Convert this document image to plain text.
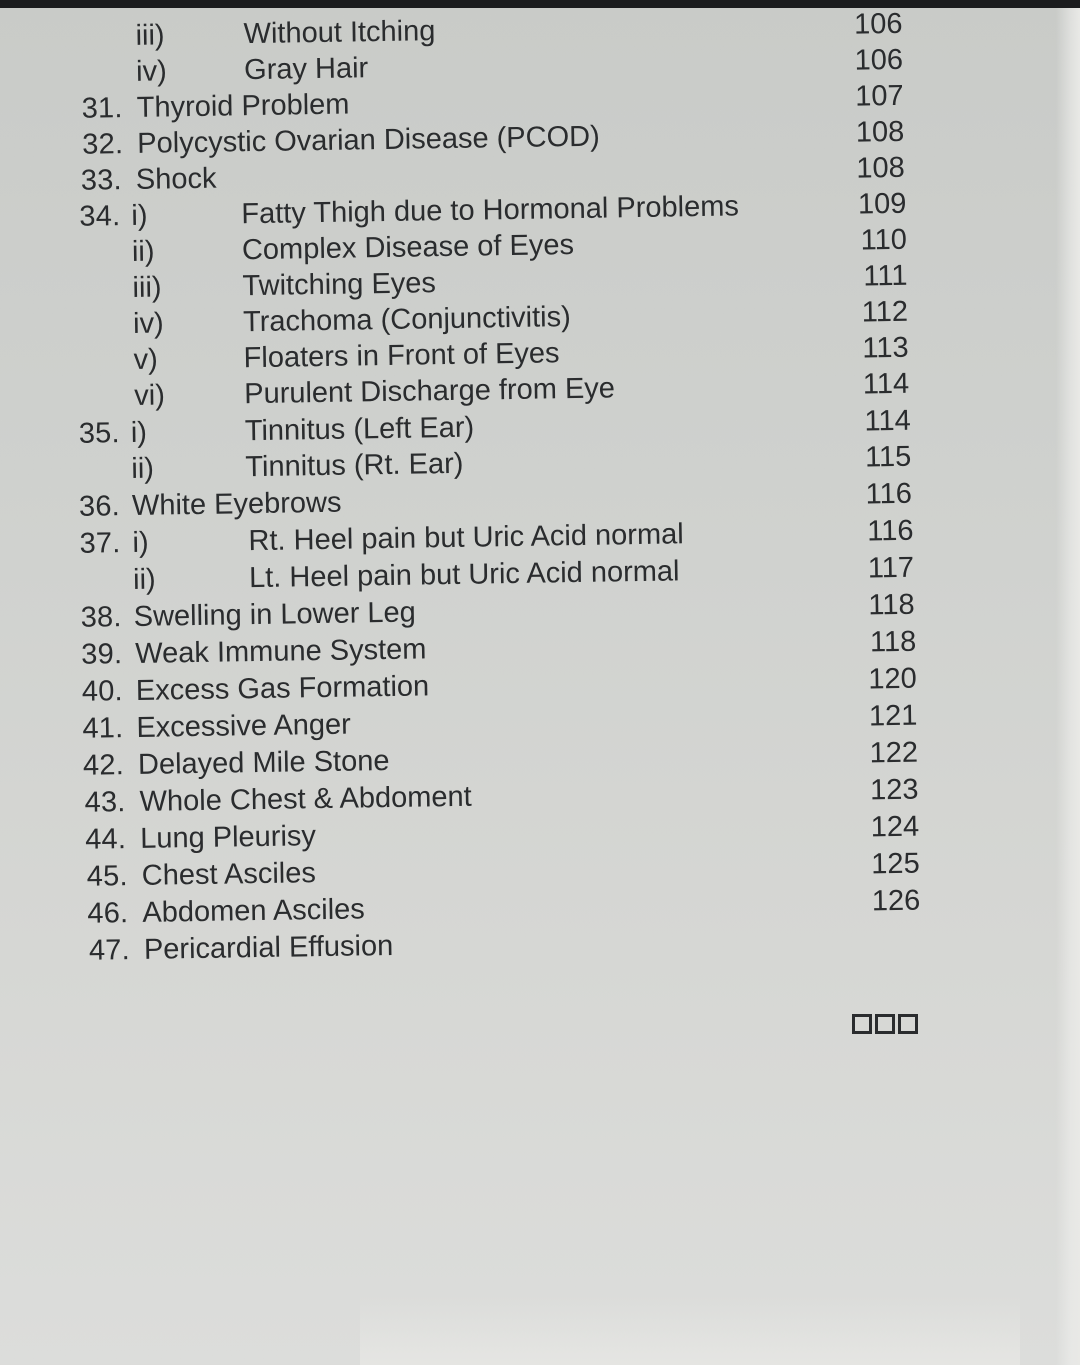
iii)	Without Itching	106
iv)	Gray Hair	106
31. Thyroid Problem	107
32. Polycystic Ovarian Disease (PCOD)	108
33. Shock	108
34. i)	Fatty Thigh due to Hormonal Problems	109
ii)	Complex Disease of Eyes	110
iii)	Twitching Eyes	111
iv)	Trachoma (Conjunctivitis)	112
v)	Floaters in Front of Eyes	113
vi)	Purulent Discharge from Eye	114
35. i)	Tinnitus (Left Ear)	114
ii)	Tinnitus (Rt. Ear)	115
36. White Eyebrows	116
37. i)	Rt. Heel pain but Uric Acid normal	116
ii)	Lt. Heel pain but Uric Acid normal	117
38. Swelling in Lower Leg	118
39. Weak Immune System	118
40. Excess Gas Formation	120
41. Excessive Anger	121
42. Delayed Mile Stone	122
43. Whole Chest & Abdoment	123
44. Lung Pleurisy	124
45. Chest Asciles	125
46. Abdomen Asciles	126
47. Pericardial Effusion
